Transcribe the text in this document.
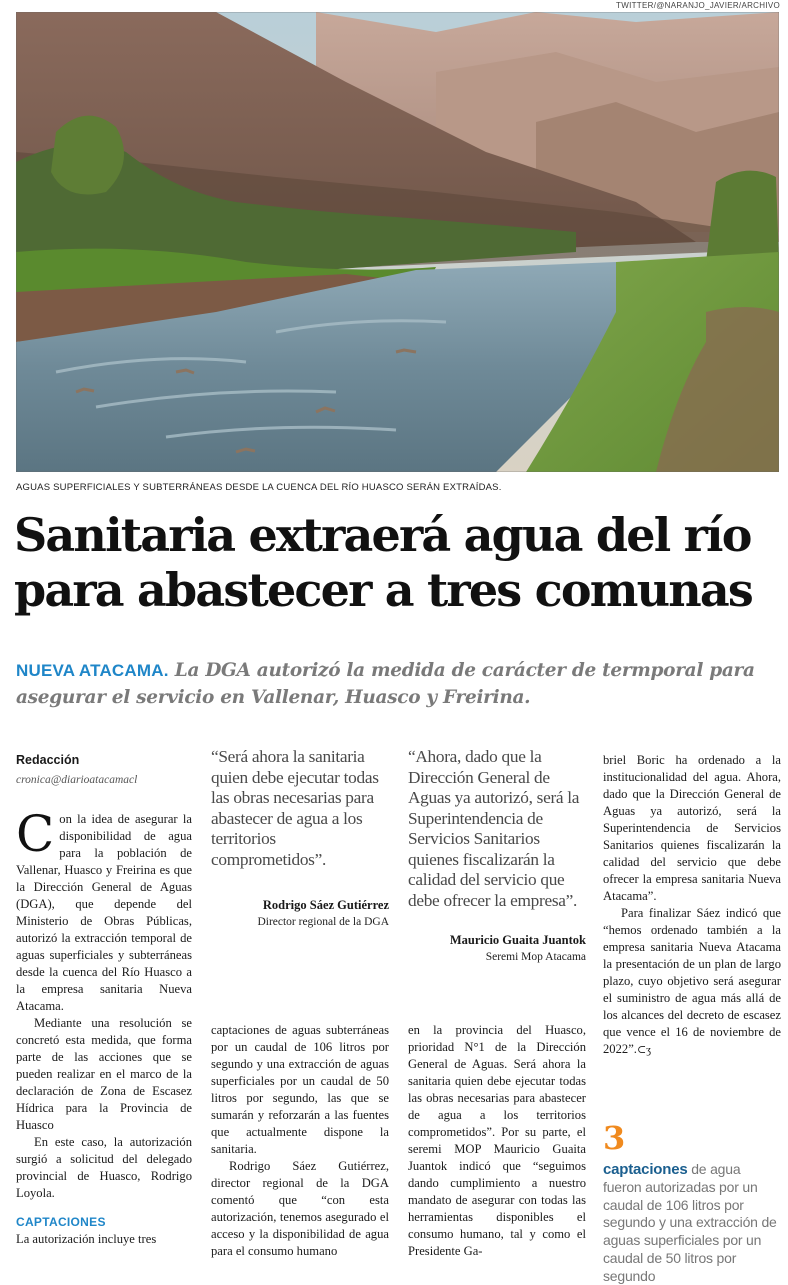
TWITTER/@NARANJO_JAVIER/ARCHIVO
AGUAS SUPERFICIALES Y SUBTERRÁNEAS DESDE LA CUENCA DEL RÍO HUASCO SERÁN EXTRAÍDAS.
Sanitaria extraerá agua del río
para abastecer a tres comunas
NUEVA ATACAMA. La DGA autorizó la medida de carácter de termporal para asegurar el servicio en Vallenar, Huasco y Freirina.
Redacción
cronica@diarioatacamacl

Con la idea de asegurar la disponibilidad de agua para la población de Vallenar, Huasco y Freirina es que la Dirección General de Aguas (DGA), que depende del Ministerio de Obras Públicas, autorizó la extracción temporal de aguas superficiales y subterráneas desde la cuenca del Río Huasco a la empresa sanitaria Nueva Atacama.

Mediante una resolución se concretó esta medida, que forma parte de las acciones que se pueden realizar en el marco de la declaración de Zona de Escasez Hídrica para la Provincia de Huasco

En este caso, la autorización surgió a solicitud del delegado provincial de Huasco, Rodrigo Loyola.

CAPTACIONES

La autorización incluye tres

“Será ahora la sanitaria quien debe ejecutar todas las obras necesarias para abastecer de agua a los territorios comprometidos”.
Rodrigo Sáez Gutiérrez
Director regional de la DGA
“Ahora, dado que la Dirección General de Aguas ya autorizó, será la Superintendencia de Servicios Sanitarios quienes fiscalizarán la calidad del servicio que debe ofrecer la empresa”.
Mauricio Guaita Juantok
Seremi Mop Atacama

captaciones de aguas subterráneas por un caudal de 106 litros por segundo y una extracción de aguas superficiales por un caudal de 50 litros por segundo, las que se sumarán y reforzarán a las fuentes que actualmente dispone la sanitaria.

Rodrigo Sáez Gutiérrez, director regional de la DGA comentó que “con esta autorización, tenemos asegurado el acceso y la disponibilidad de agua para el consumo humano

en la provincia del Huasco, prioridad N°1 de la Dirección General de Aguas. Será ahora la sanitaria quien debe ejecutar todas las obras necesarias para abastecer de agua a los territorios comprometidos”. Por su parte, el seremi MOP Mauricio Guaita Juantok indicó que “seguimos dando cumplimiento a nuestro mandato de asegurar con todas las herramientas disponibles el consumo humano, tal y como el Presidente Ga-

briel Boric ha ordenado a la institucionalidad del agua. Ahora, dado que la Dirección General de Aguas ya autorizó, será la Superintendencia de Servicios Sanitarios quienes fiscalizarán la calidad del servicio que debe ofrecer la empresa sanitaria Nueva Atacama”.

Para finalizar Sáez indicó que “hemos ordenado también a la empresa sanitaria Nueva Atacama la presentación de un plan de largo plazo, cuyo objetivo será asegurar el suministro de agua más allá de los alcances del decreto de escasez que vence el 16 de noviembre de 2022”.⊂ʒ

3
captaciones de agua fueron autorizadas por un caudal de 106 litros por segundo y una extracción de aguas superficiales por un caudal de 50 litros por segundo
